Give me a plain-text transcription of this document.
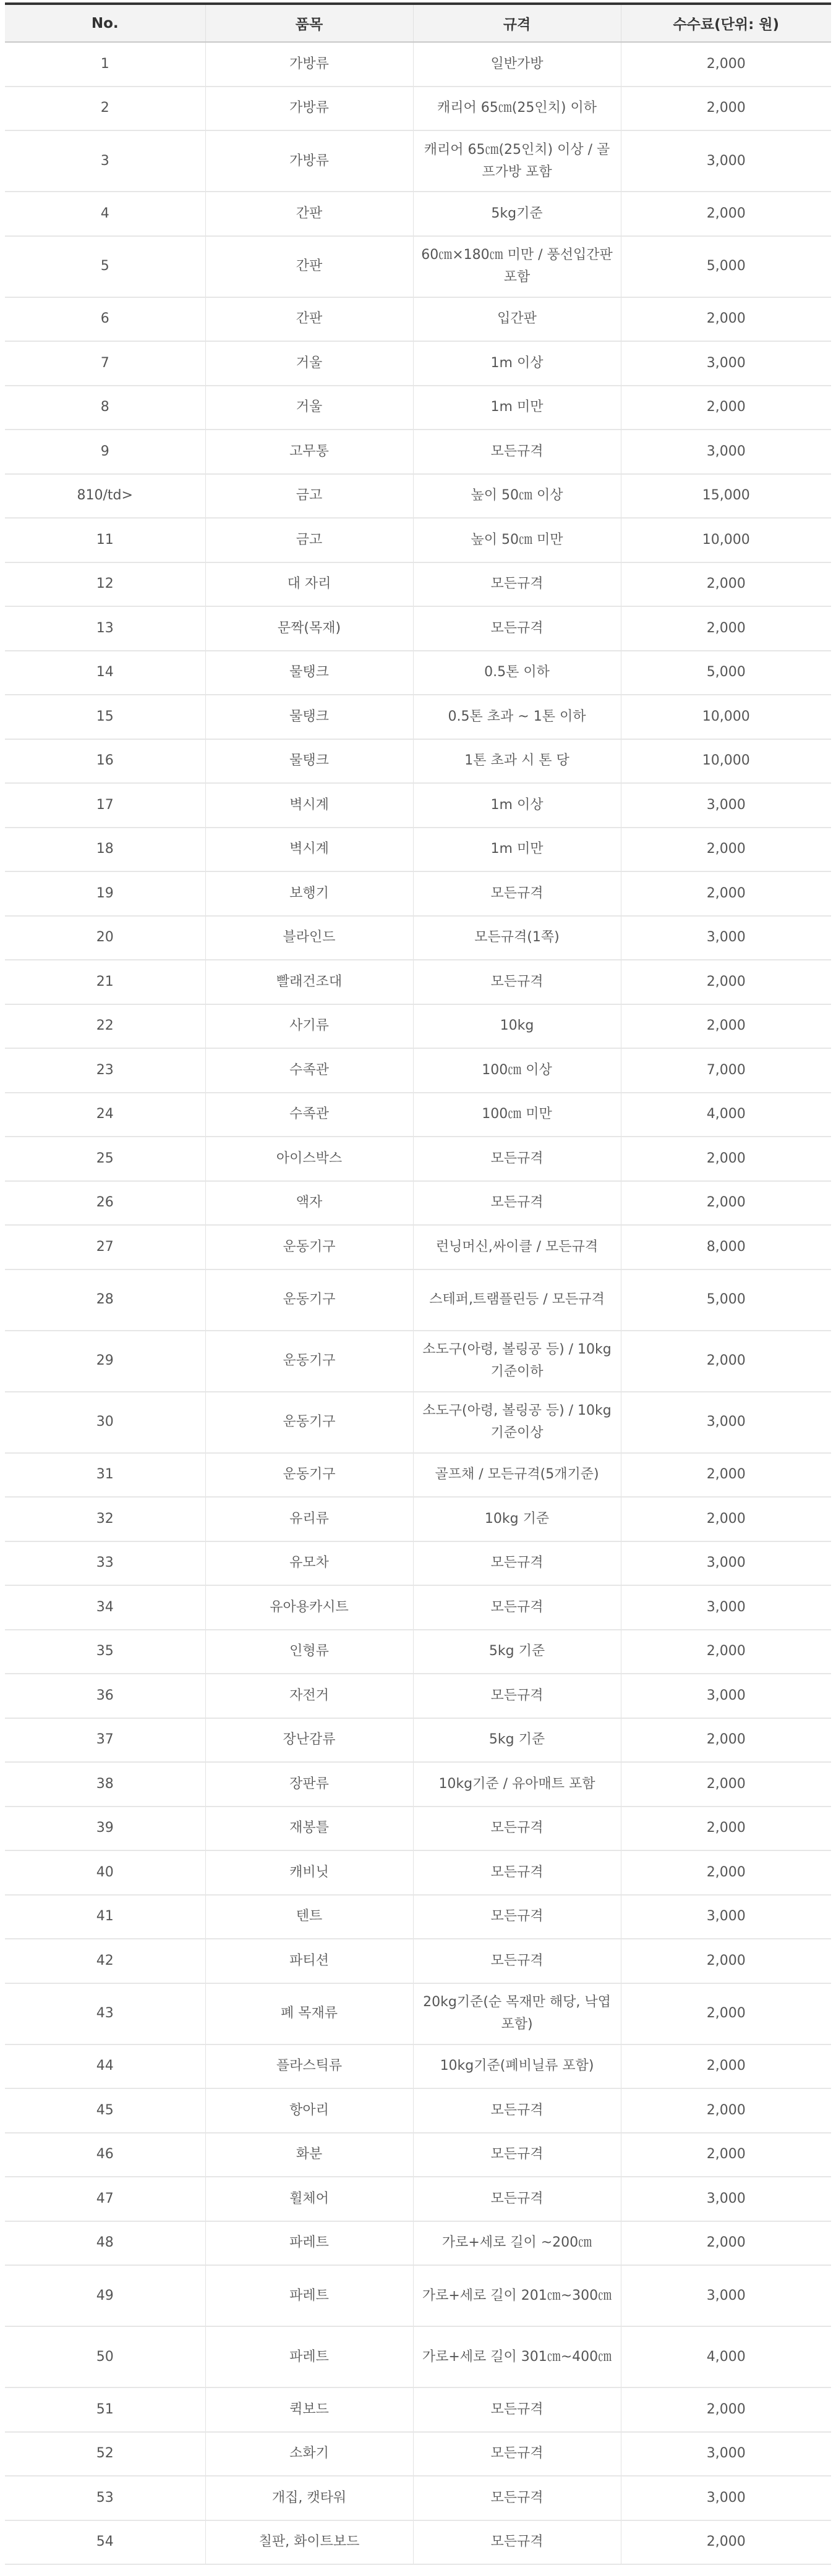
No.	품목	규격	수수료(단위: 원)
1	가방류	일반가방	2,000
2	가방류	캐리어 65㎝(25인치) 이하	2,000
3	가방류	캐리어 65㎝(25인치) 이상 / 골프가방 포함	3,000
4	간판	5kg기준	2,000
5	간판	60㎝×180㎝ 미만 / 풍선입간판 포함	5,000
6	간판	입간판	2,000
7	거울	1m 이상	3,000
8	거울	1m 미만	2,000
9	고무통	모든규격	3,000
810/td>	금고	높이 50㎝ 이상	15,000
11	금고	높이 50㎝ 미만	10,000
12	대 자리	모든규격	2,000
13	문짝(목재)	모든규격	2,000
14	물탱크	0.5톤 이하	5,000
15	물탱크	0.5톤 초과 ~ 1톤 이하	10,000
16	물탱크	1톤 초과 시 톤 당	10,000
17	벽시계	1m 이상	3,000
18	벽시계	1m 미만	2,000
19	보행기	모든규격	2,000
20	블라인드	모든규격(1쪽)	3,000
21	빨래건조대	모든규격	2,000
22	사기류	10kg	2,000
23	수족관	100㎝ 이상	7,000
24	수족관	100㎝ 미만	4,000
25	아이스박스	모든규격	2,000
26	액자	모든규격	2,000
27	운동기구	런닝머신,싸이클 / 모든규격	8,000
28	운동기구	스테퍼,트램플린등 / 모든규격	5,000
29	운동기구	소도구(아령, 볼링공 등) / 10kg기준이하	2,000
30	운동기구	소도구(아령, 볼링공 등) / 10kg기준이상	3,000
31	운동기구	골프채 / 모든규격(5개기준)	2,000
32	유리류	10kg 기준	2,000
33	유모차	모든규격	3,000
34	유아용카시트	모든규격	3,000
35	인형류	5kg 기준	2,000
36	자전거	모든규격	3,000
37	장난감류	5kg 기준	2,000
38	장판류	10kg기준 / 유아매트 포함	2,000
39	재봉틀	모든규격	2,000
40	캐비닛	모든규격	2,000
41	텐트	모든규격	3,000
42	파티션	모든규격	2,000
43	폐 목재류	20kg기준(순 목재만 해당, 낙엽 포함)	2,000
44	플라스틱류	10kg기준(폐비닐류 포함)	2,000
45	항아리	모든규격	2,000
46	화분	모든규격	2,000
47	휠체어	모든규격	3,000
48	파레트	가로+세로 길이 ~200㎝	2,000
49	파레트	가로+세로 길이 201㎝~300㎝	3,000
50	파레트	가로+세로 길이 301㎝~400㎝	4,000
51	퀵보드	모든규격	2,000
52	소화기	모든규격	3,000
53	개집, 캣타워	모든규격	3,000
54	칠판, 화이트보드	모든규격	2,000
